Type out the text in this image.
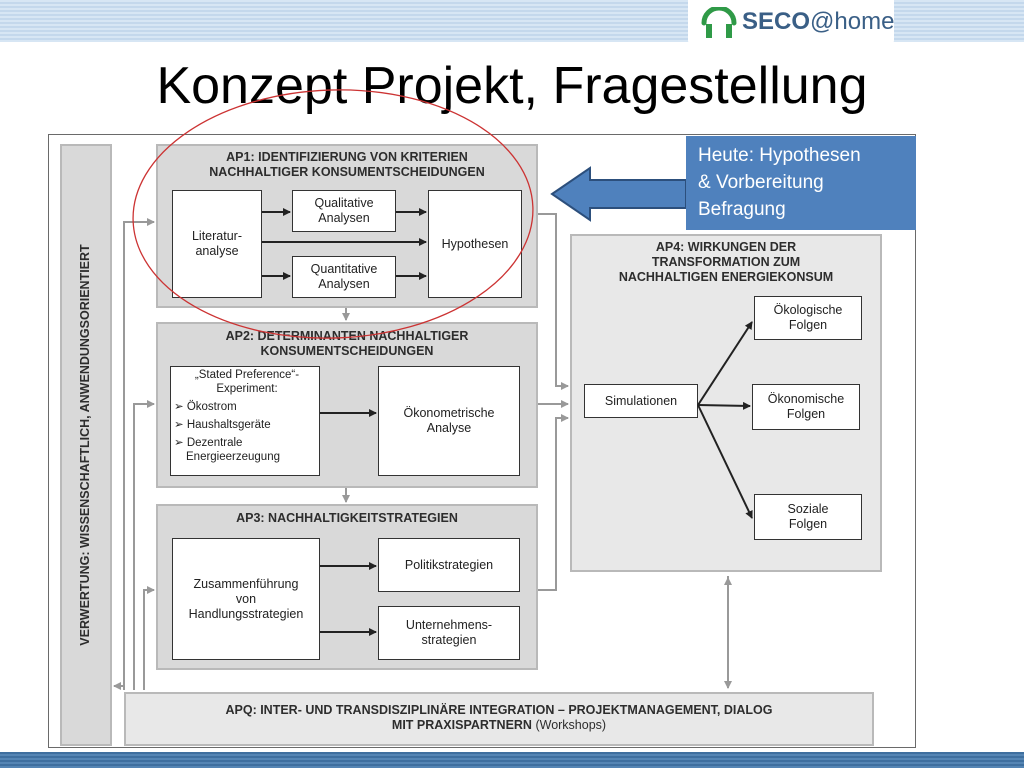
SECO@home
Konzept Projekt, Fragestellung
VERWERTUNG: WISSENSCHAFTLICH, ANWENDUNGSORIENTIERT
AP1: IDENTIFIZIERUNG VON KRITERIEN
NACHHALTIGER KONSUMENTSCHEIDUNGEN
Literatur-
analyse
Qualitative
Analysen
Quantitative
Analysen
Hypothesen
AP2: DETERMINANTEN NACHHALTIGER
KONSUMENTSCHEIDUNGEN
„Stated Preference“-
Experiment:
➢ Ökostrom
➢ Haushaltsgeräte
➢ Dezentrale
Energieerzeugung
Ökonometrische
Analyse
AP3: NACHHALTIGKEITSTRATEGIEN
Zusammenführung
von
Handlungsstrategien
Politikstrategien
Unternehmens-
strategien
AP4: WIRKUNGEN DER
TRANSFORMATION ZUM
NACHHALTIGEN ENERGIEKONSUM
Simulationen
Ökologische
Folgen
Ökonomische
Folgen
Soziale
Folgen
APQ: INTER- UND TRANSDISZIPLINÄRE INTEGRATION – PROJEKTMANAGEMENT, DIALOG
MIT PRAXISPARTNERN (Workshops)
Heute: Hypothesen
& Vorbereitung
Befragung
